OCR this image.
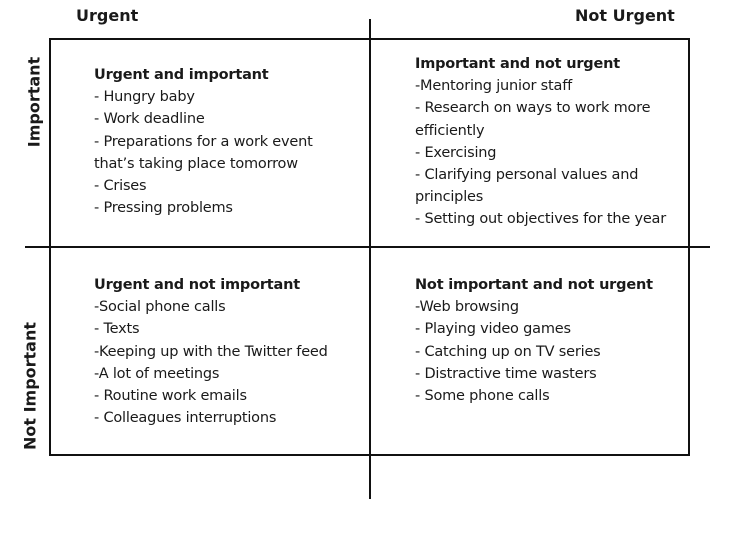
Urgent	Not Urgent
Important
Not Important
Urgent and important
- Hungry baby
- Work deadline
- Preparations for a work event
that’s taking place tomorrow
- Crises
- Pressing problems
Important and not urgent
-Mentoring junior staff
- Research on ways to work more
efficiently
- Exercising
- Clarifying personal values and
principles
- Setting out objectives for the year
Urgent and not important
-Social phone calls
- Texts
-Keeping up with the Twitter feed
-A lot of meetings
- Routine work emails
- Colleagues interruptions
Not important and not urgent
-Web browsing
- Playing video games
- Catching up on TV series
- Distractive time wasters
- Some phone calls
